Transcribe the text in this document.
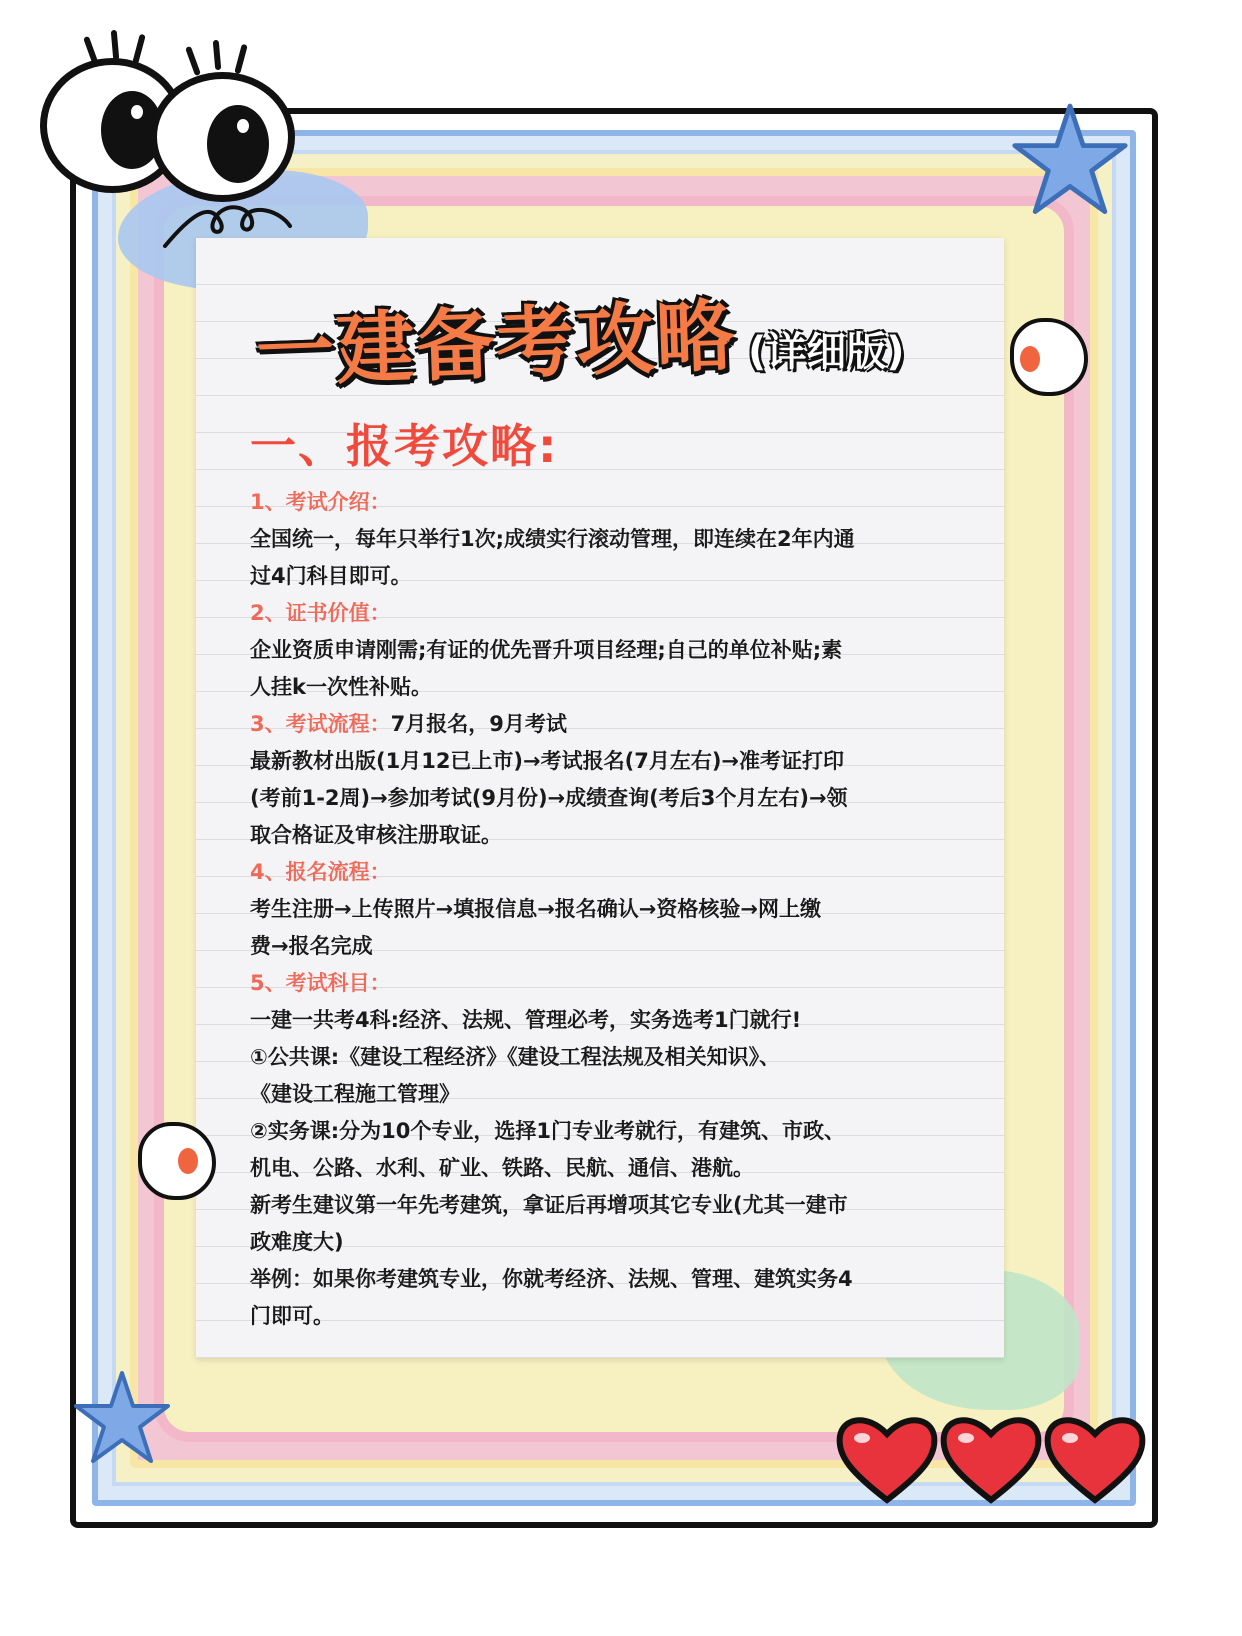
一建备考攻略 (详细版)
一、报考攻略:
1、考试介绍：
全国统一，每年只举行1次;成绩实行滚动管理，即连续在2年内通
过4门科目即可。
2、证书价值：
企业资质申请刚需;有证的优先晋升项目经理;自己的单位补贴;素
人挂k一次性补贴。
3、考试流程：7月报名，9月考试
最新教材出版(1月12已上市)→考试报名(7月左右)→准考证打印
(考前1-2周)→参加考试(9月份)→成绩查询(考后3个月左右)→领
取合格证及审核注册取证。
4、报名流程：
考生注册→上传照片→填报信息→报名确认→资格核验→网上缴
费→报名完成
5、考试科目：
一建一共考4科:经济、法规、管理必考，实务选考1门就行!
①公共课:《建设工程经济》《建设工程法规及相关知识》、
《建设工程施工管理》
②实务课:分为10个专业，选择1门专业考就行，有建筑、市政、
机电、公路、水利、矿业、铁路、民航、通信、港航。
新考生建议第一年先考建筑，拿证后再增项其它专业(尤其一建市
政难度大)
举例：如果你考建筑专业，你就考经济、法规、管理、建筑实务4
门即可。
